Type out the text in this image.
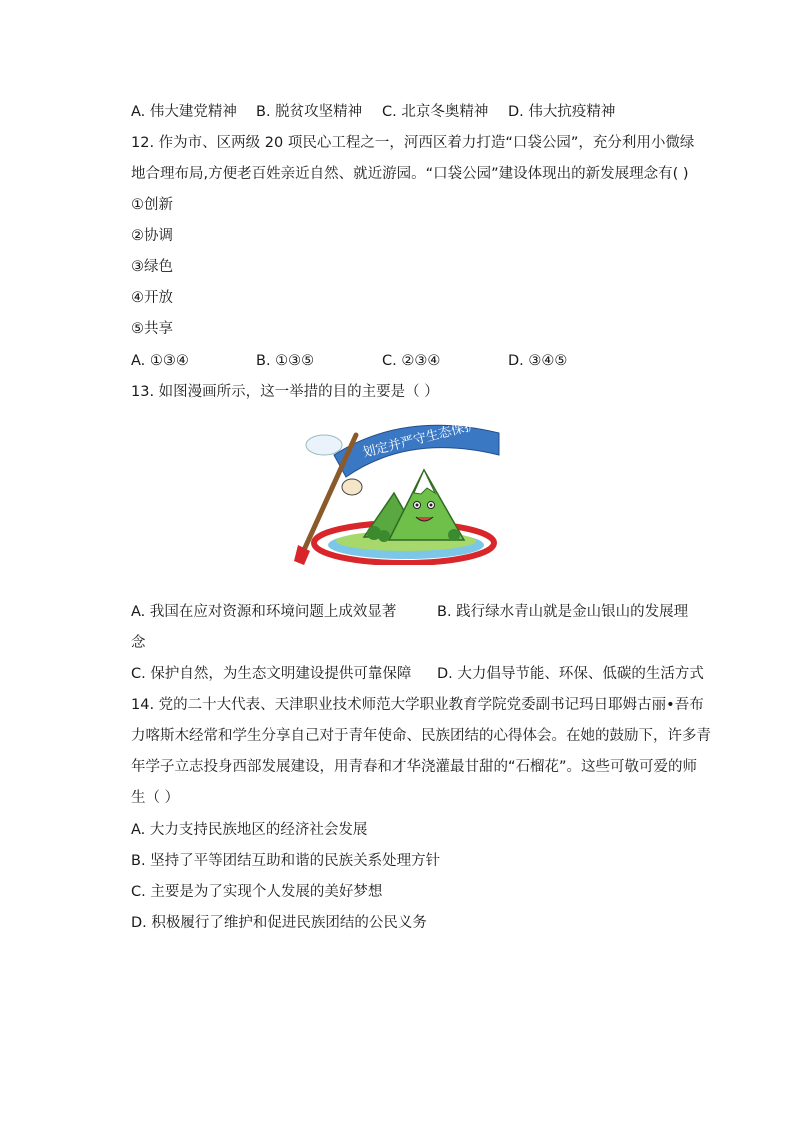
A. 伟大建党精神 B. 脱贫攻坚精神 C. 北京冬奥精神 D. 伟大抗疫精神
12. 作为市、区两级 20 项民心工程之一，河西区着力打造“口袋公园”，充分利用小微绿
地合理布局,方便老百姓亲近自然、就近游园。“口袋公园”建设体现出的新发展理念有( )
①创新
②协调
③绿色
④开放
⑤共享
A. ①③④	B. ①③⑤	C. ②③④	D. ③④⑤
13. 如图漫画所示，这一举措的目的主要是（ ）
划定并严守生态保护红线
A. 我国在应对资源和环境问题上成效显著	B. 践行绿水青山就是金山银山的发展理
念
C. 保护自然，为生态文明建设提供可靠保障 D. 大力倡导节能、环保、低碳的生活方式
14. 党的二十大代表、天津职业技术师范大学职业教育学院党委副书记玛日耶姆古丽•吾布
力喀斯木经常和学生分享自己对于青年使命、民族团结的心得体会。在她的鼓励下，许多青
年学子立志投身西部发展建设，用青春和才华浇灌最甘甜的“石榴花”。这些可敬可爱的师
生（ ）
A. 大力支持民族地区的经济社会发展
B. 坚持了平等团结互助和谐的民族关系处理方针
C. 主要是为了实现个人发展的美好梦想
D. 积极履行了维护和促进民族团结的公民义务
